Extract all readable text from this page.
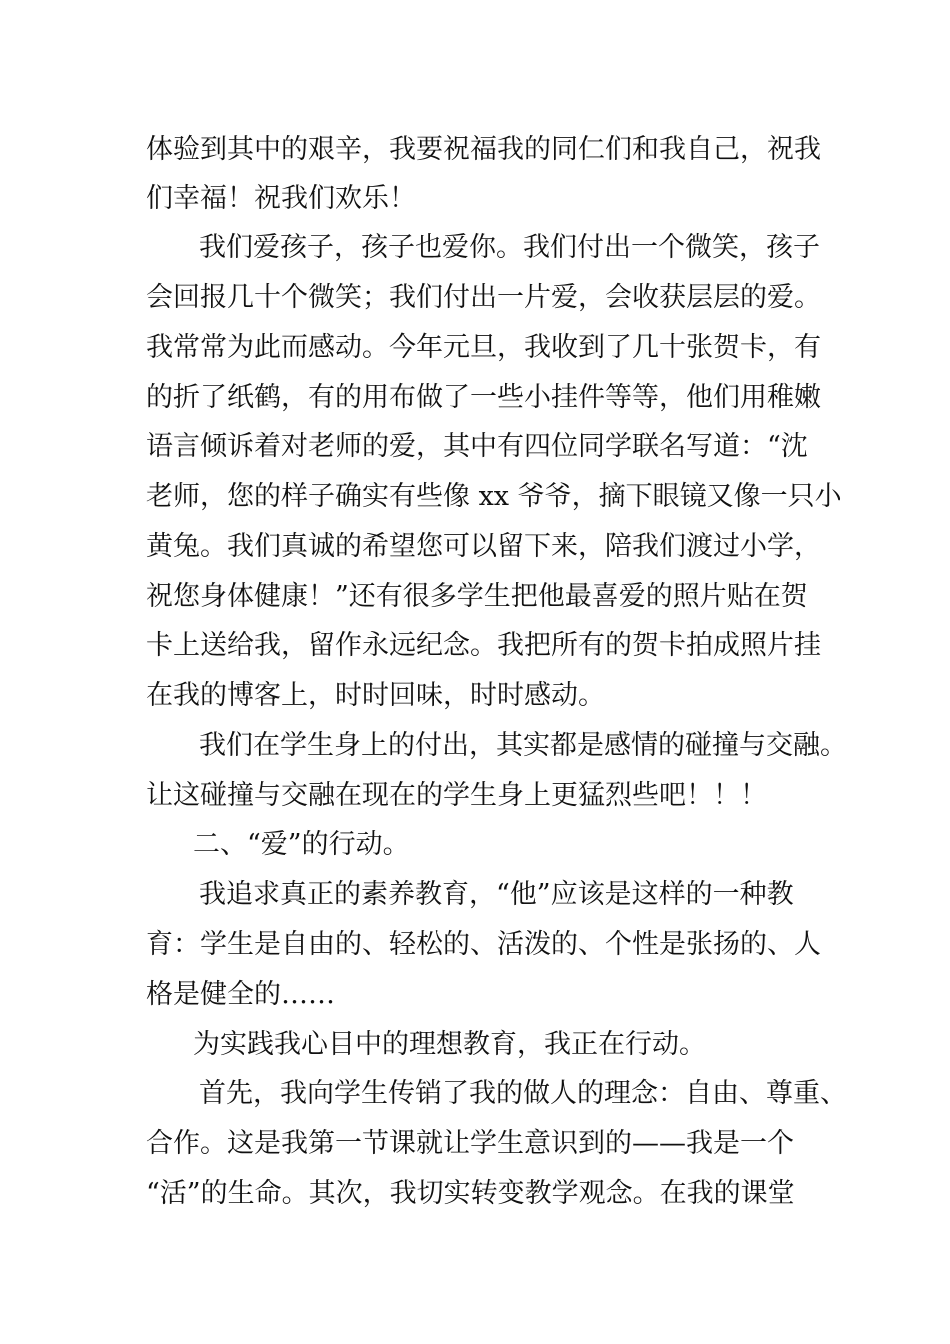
体验到其中的艰辛，我要祝福我的同仁们和我自己，祝我
们幸福！祝我们欢乐！
我们爱孩子，孩子也爱你。我们付出一个微笑，孩子
会回报几十个微笑；我们付出一片爱，会收获层层的爱。
我常常为此而感动。今年元旦，我收到了几十张贺卡，有
的折了纸鹤，有的用布做了一些小挂件等等，他们用稚嫩
语言倾诉着对老师的爱，其中有四位同学联名写道：“沈
老师，您的样子确实有些像 xx 爷爷，摘下眼镜又像一只小
黄兔。我们真诚的希望您可以留下来，陪我们渡过小学，
祝您身体健康！”还有很多学生把他最喜爱的照片贴在贺
卡上送给我，留作永远纪念。我把所有的贺卡拍成照片挂
在我的博客上，时时回味，时时感动。
我们在学生身上的付出，其实都是感情的碰撞与交融。
让这碰撞与交融在现在的学生身上更猛烈些吧！！！
二、“爱”的行动。
我追求真正的素养教育，“他”应该是这样的一种教
育：学生是自由的、轻松的、活泼的、个性是张扬的、人
格是健全的……
为实践我心目中的理想教育，我正在行动。
首先，我向学生传销了我的做人的理念：自由、尊重、
合作。这是我第一节课就让学生意识到的——我是一个
“活”的生命。其次，我切实转变教学观念。在我的课堂
